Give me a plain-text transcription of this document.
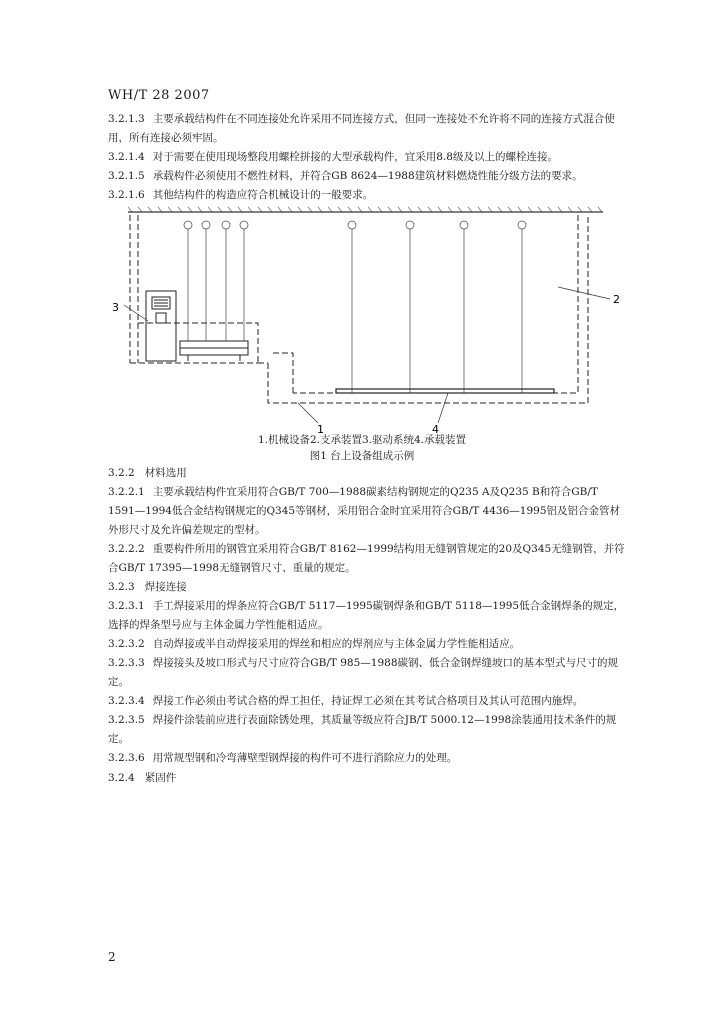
WH/T 28 2007
3.2.1.3 主要承载结构件在不同连接处允许采用不同连接方式，但同一连接处不允许将不同的连接方式混合使用，所有连接必须牢固。
3.2.1.4 对于需要在使用现场整段用螺栓拼接的大型承载构件，宜采用8.8级及以上的螺栓连接。
3.2.1.5 承载构件必须使用不燃性材料，并符合GB 8624—1988建筑材料燃烧性能分级方法的要求。
3.2.1.6 其他结构件的构造应符合机械设计的一般要求。
3
2
1	4
1.机械设备2.支承装置3.驱动系统4.承载装置
图1 台上设备组成示例
3.2.2 材料选用
3.2.2.1 主要承载结构件宜采用符合GB/T 700—1988碳素结构钢规定的Q235 A及Q235 B和符合GB/T 1591—1994低合金结构钢规定的Q345等钢材，采用铝合金时宜采用符合GB/T 4436—1995铝及铝合金管材外形尺寸及允许偏差规定的型材。
3.2.2.2 重要构件所用的钢管宜采用符合GB/T 8162—1999结构用无缝钢管规定的20及Q345无缝钢管，并符合GB/T 17395—1998无缝钢管尺寸、重量的规定。
3.2.3 焊接连接
3.2.3.1 手工焊接采用的焊条应符合GB/T 5117—1995碳钢焊条和GB/T 5118—1995低合金钢焊条的规定，选择的焊条型号应与主体金属力学性能相适应。
3.2.3.2 自动焊接或半自动焊接采用的焊丝和相应的焊剂应与主体金属力学性能相适应。
3.2.3.3 焊接接头及坡口形式与尺寸应符合GB/T 985—1988碳钢、低合金钢焊缝坡口的基本型式与尺寸的规定。
3.2.3.4 焊接工作必须由考试合格的焊工担任，持证焊工必须在其考试合格项目及其认可范围内施焊。
3.2.3.5 焊接件涂装前应进行表面除锈处理，其质量等级应符合JB/T 5000.12—1998涂装通用技术条件的规定。
3.2.3.6 用常规型钢和冷弯薄壁型钢焊接的构件可不进行消除应力的处理。
3.2.4 紧固件
2
